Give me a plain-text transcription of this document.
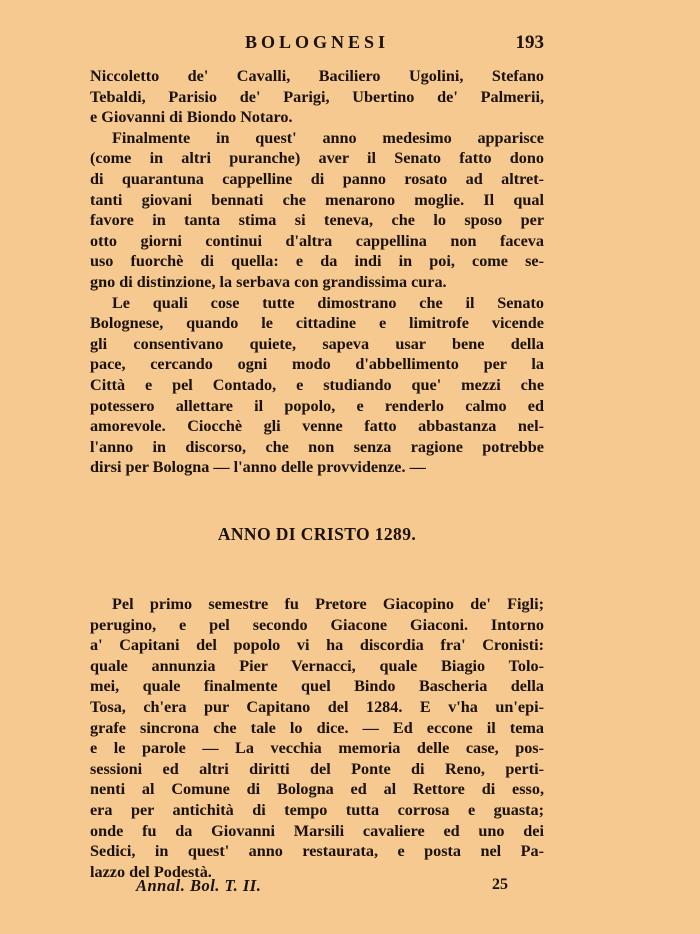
BOLOGNESI	193
Niccoletto de' Cavalli, Baciliero Ugolini, Stefano
Tebaldi, Parisio de' Parigi, Ubertino de' Palmerii,
e Giovanni di Biondo Notaro.
Finalmente in quest' anno medesimo apparisce
(come in altri puranche) aver il Senato fatto dono
di quarantuna cappelline di panno rosato ad altret-
tanti giovani bennati che menarono moglie. Il qual
favore in tanta stima si teneva, che lo sposo per
otto giorni continui d'altra cappellina non faceva
uso fuorchè di quella: e da indi in poi, come se-
gno di distinzione, la serbava con grandissima cura.
Le quali cose tutte dimostrano che il Senato
Bolognese, quando le cittadine e limitrofe vicende
gli consentivano quiete, sapeva usar bene della
pace, cercando ogni modo d'abbellimento per la
Città e pel Contado, e studiando que' mezzi che
potessero allettare il popolo, e renderlo calmo ed
amorevole. Ciocchè gli venne fatto abbastanza nel-
l'anno in discorso, che non senza ragione potrebbe
dirsi per Bologna — l'anno delle provvidenze. —
ANNO DI CRISTO 1289.
Pel primo semestre fu Pretore Giacopino de' Figli;
perugino, e pel secondo Giacone Giaconi. Intorno
a' Capitani del popolo vi ha discordia fra' Cronisti:
quale annunzia Pier Vernacci, quale Biagio Tolo-
mei, quale finalmente quel Bindo Bascheria della
Tosa, ch'era pur Capitano del 1284. E v'ha un'epi-
grafe sincrona che tale lo dice. — Ed eccone il tema
e le parole — La vecchia memoria delle case, pos-
sessioni ed altri diritti del Ponte di Reno, perti-
nenti al Comune di Bologna ed al Rettore di esso,
era per antichità di tempo tutta corrosa e guasta;
onde fu da Giovanni Marsili cavaliere ed uno dei
Sedici, in quest' anno restaurata, e posta nel Pa-
lazzo del Podestà.
Annal. Bol. T. II.	25
